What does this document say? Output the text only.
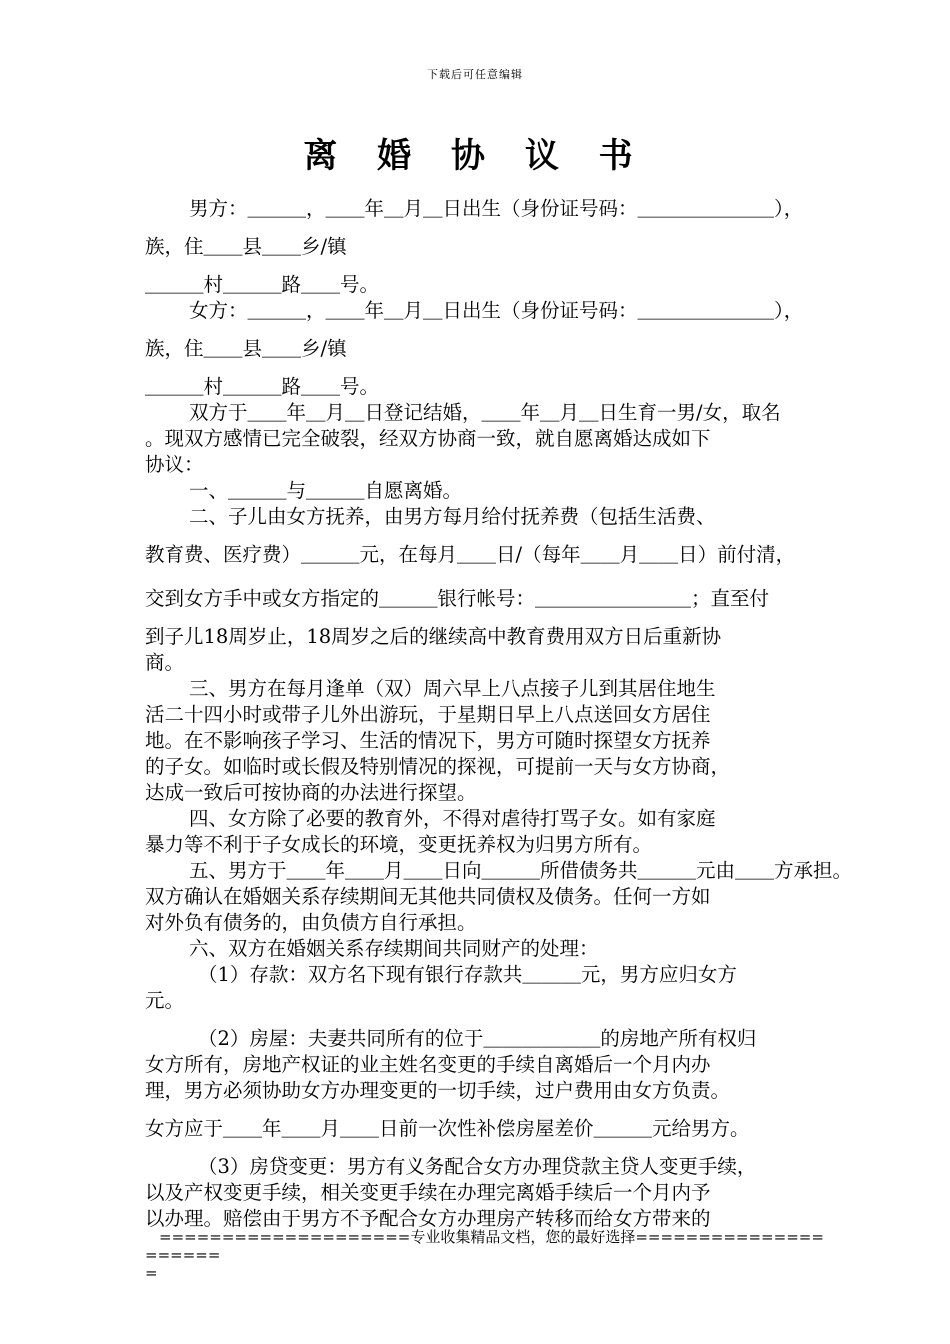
下载后可任意编辑
离 婚 协 议 书

男方：＿＿＿，＿＿年＿月＿日出生（身份证号码：＿＿＿＿＿＿＿），

族，住＿＿县＿＿乡/镇

＿＿＿村＿＿＿路＿＿号。

女方：＿＿＿，＿＿年＿月＿日出生（身份证号码：＿＿＿＿＿＿＿），

族，住＿＿县＿＿乡/镇

＿＿＿村＿＿＿路＿＿号。

双方于＿＿年＿月＿日登记结婚，＿＿年＿月＿日生育一男/女，取名

。现双方感情已完全破裂，经双方协商一致，就自愿离婚达成如下

协议：

一、＿＿＿与＿＿＿自愿离婚。

二、子儿由女方抚养，由男方每月给付抚养费（包括生活费、

教育费、医疗费）＿＿＿元，在每月＿＿日/（每年＿＿月＿＿日）前付清，

交到女方手中或女方指定的＿＿＿银行帐号：＿＿＿＿＿＿＿＿；直至付

到子儿18周岁止，18周岁之后的继续高中教育费用双方日后重新协

商。

三、男方在每月逢单（双）周六早上八点接子儿到其居住地生

活二十四小时或带子儿外出游玩，于星期日早上八点送回女方居住

地。在不影响孩子学习、生活的情况下，男方可随时探望女方抚养

的子女。如临时或长假及特别情况的探视，可提前一天与女方协商，

达成一致后可按协商的办法进行探望。

四、女方除了必要的教育外，不得对虐待打骂子女。如有家庭

暴力等不利于子女成长的环境，变更抚养权为归男方所有。

五、男方于＿＿年＿＿月＿＿日向＿＿＿所借债务共＿＿＿元由＿＿方承担。

双方确认在婚姻关系存续期间无其他共同债权及债务。任何一方如

对外负有债务的，由负债方自行承担。

六、双方在婚姻关系存续期间共同财产的处理：

（1）存款：双方名下现有银行存款共＿＿＿元，男方应归女方

元。

（2）房屋：夫妻共同所有的位于＿＿＿＿＿＿的房地产所有权归

女方所有，房地产权证的业主姓名变更的手续自离婚后一个月内办

理，男方必须协助女方办理变更的一切手续，过户费用由女方负责。

女方应于＿＿年＿＿月＿＿日前一次性补偿房屋差价＿＿＿元给男方。

（3）房贷变更：男方有义务配合女方办理贷款主贷人变更手续，

以及产权变更手续，相关变更手续在办理完离婚手续后一个月内予

以办理。赔偿由于男方不予配合女方办理房产转移而给女方带来的

====================专业收集精品文档，您的最好选择=====================
=
